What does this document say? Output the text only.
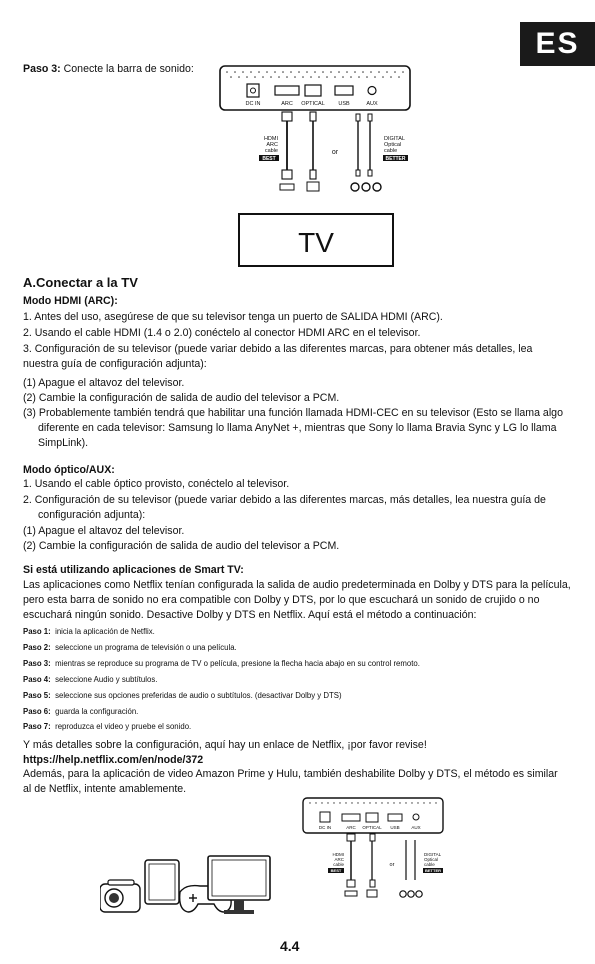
ES
Paso 3: Conecte la barra de sonido:
DC IN	ARC OPTICAL USB	AUX
HDMI
ARC
cable
BEST
DIGITAL
Optical
cable
BETTER
or
TV
A.Conectar a la TV
Modo HDMI (ARC):
1. Antes del uso, asegúrese de que su televisor tenga un puerto de SALIDA HDMI (ARC).
2. Usando el cable HDMI (1.4 o 2.0) conéctelo al conector HDMI ARC en el televisor.
3. Configuración de su televisor (puede variar debido a las diferentes marcas, para obtener más detalles, lea nuestra guía de configuración adjunta):
(1) Apague el altavoz del televisor.
(2) Cambie la configuración de salida de audio del televisor a PCM.
(3) Probablemente también tendrá que habilitar una función llamada HDMI-CEC en su televisor (Esto se llama algo diferente en cada televisor: Samsung lo llama AnyNet +, mientras que Sony lo llama Bravia Sync y LG lo llama SimpLink).
Modo óptico/AUX:
1. Usando el cable óptico provisto, conéctelo al televisor.
2. Configuración de su televisor (puede variar debido a las diferentes marcas, más detalles, lea nuestra guía de configuración adjunta):
(1) Apague el altavoz del televisor.
(2) Cambie la configuración de salida de audio del televisor a PCM.
Si está utilizando aplicaciones de Smart TV:
Las aplicaciones como Netflix tenían configurada la salida de audio predeterminada en Dolby y DTS para la película, pero esta barra de sonido no era compatible con Dolby y DTS, por lo que escuchará un sonido de crujido o no escuchará ningún sonido. Desactive Dolby y DTS en Netflix. Aquí está el método a continuación:
Paso 1: inicia la aplicación de Netflix.
Paso 2: seleccione un programa de televisión o una película.
Paso 3: mientras se reproduce su programa de TV o película, presione la flecha hacia abajo en su control remoto.
Paso 4: seleccione Audio y subtítulos.
Paso 5: seleccione sus opciones preferidas de audio o subtítulos. (desactivar Dolby y DTS)
Paso 6: guarda la configuración.
Paso 7: reproduzca el video y pruebe el sonido.
Y más detalles sobre la configuración, aquí hay un enlace de Netflix, ¡por favor revise!
https://help.netflix.com/en/node/372
Además, para la aplicación de video Amazon Prime y Hulu, también deshabilite Dolby y DTS, el método es similar al de Netflix, intente amablemente.
DC IN	ARC OPTICAL USB	AUX
HDMI
ARC
cable
BEST
DIGITAL
Optical
cable
BETTER
or
4.4
